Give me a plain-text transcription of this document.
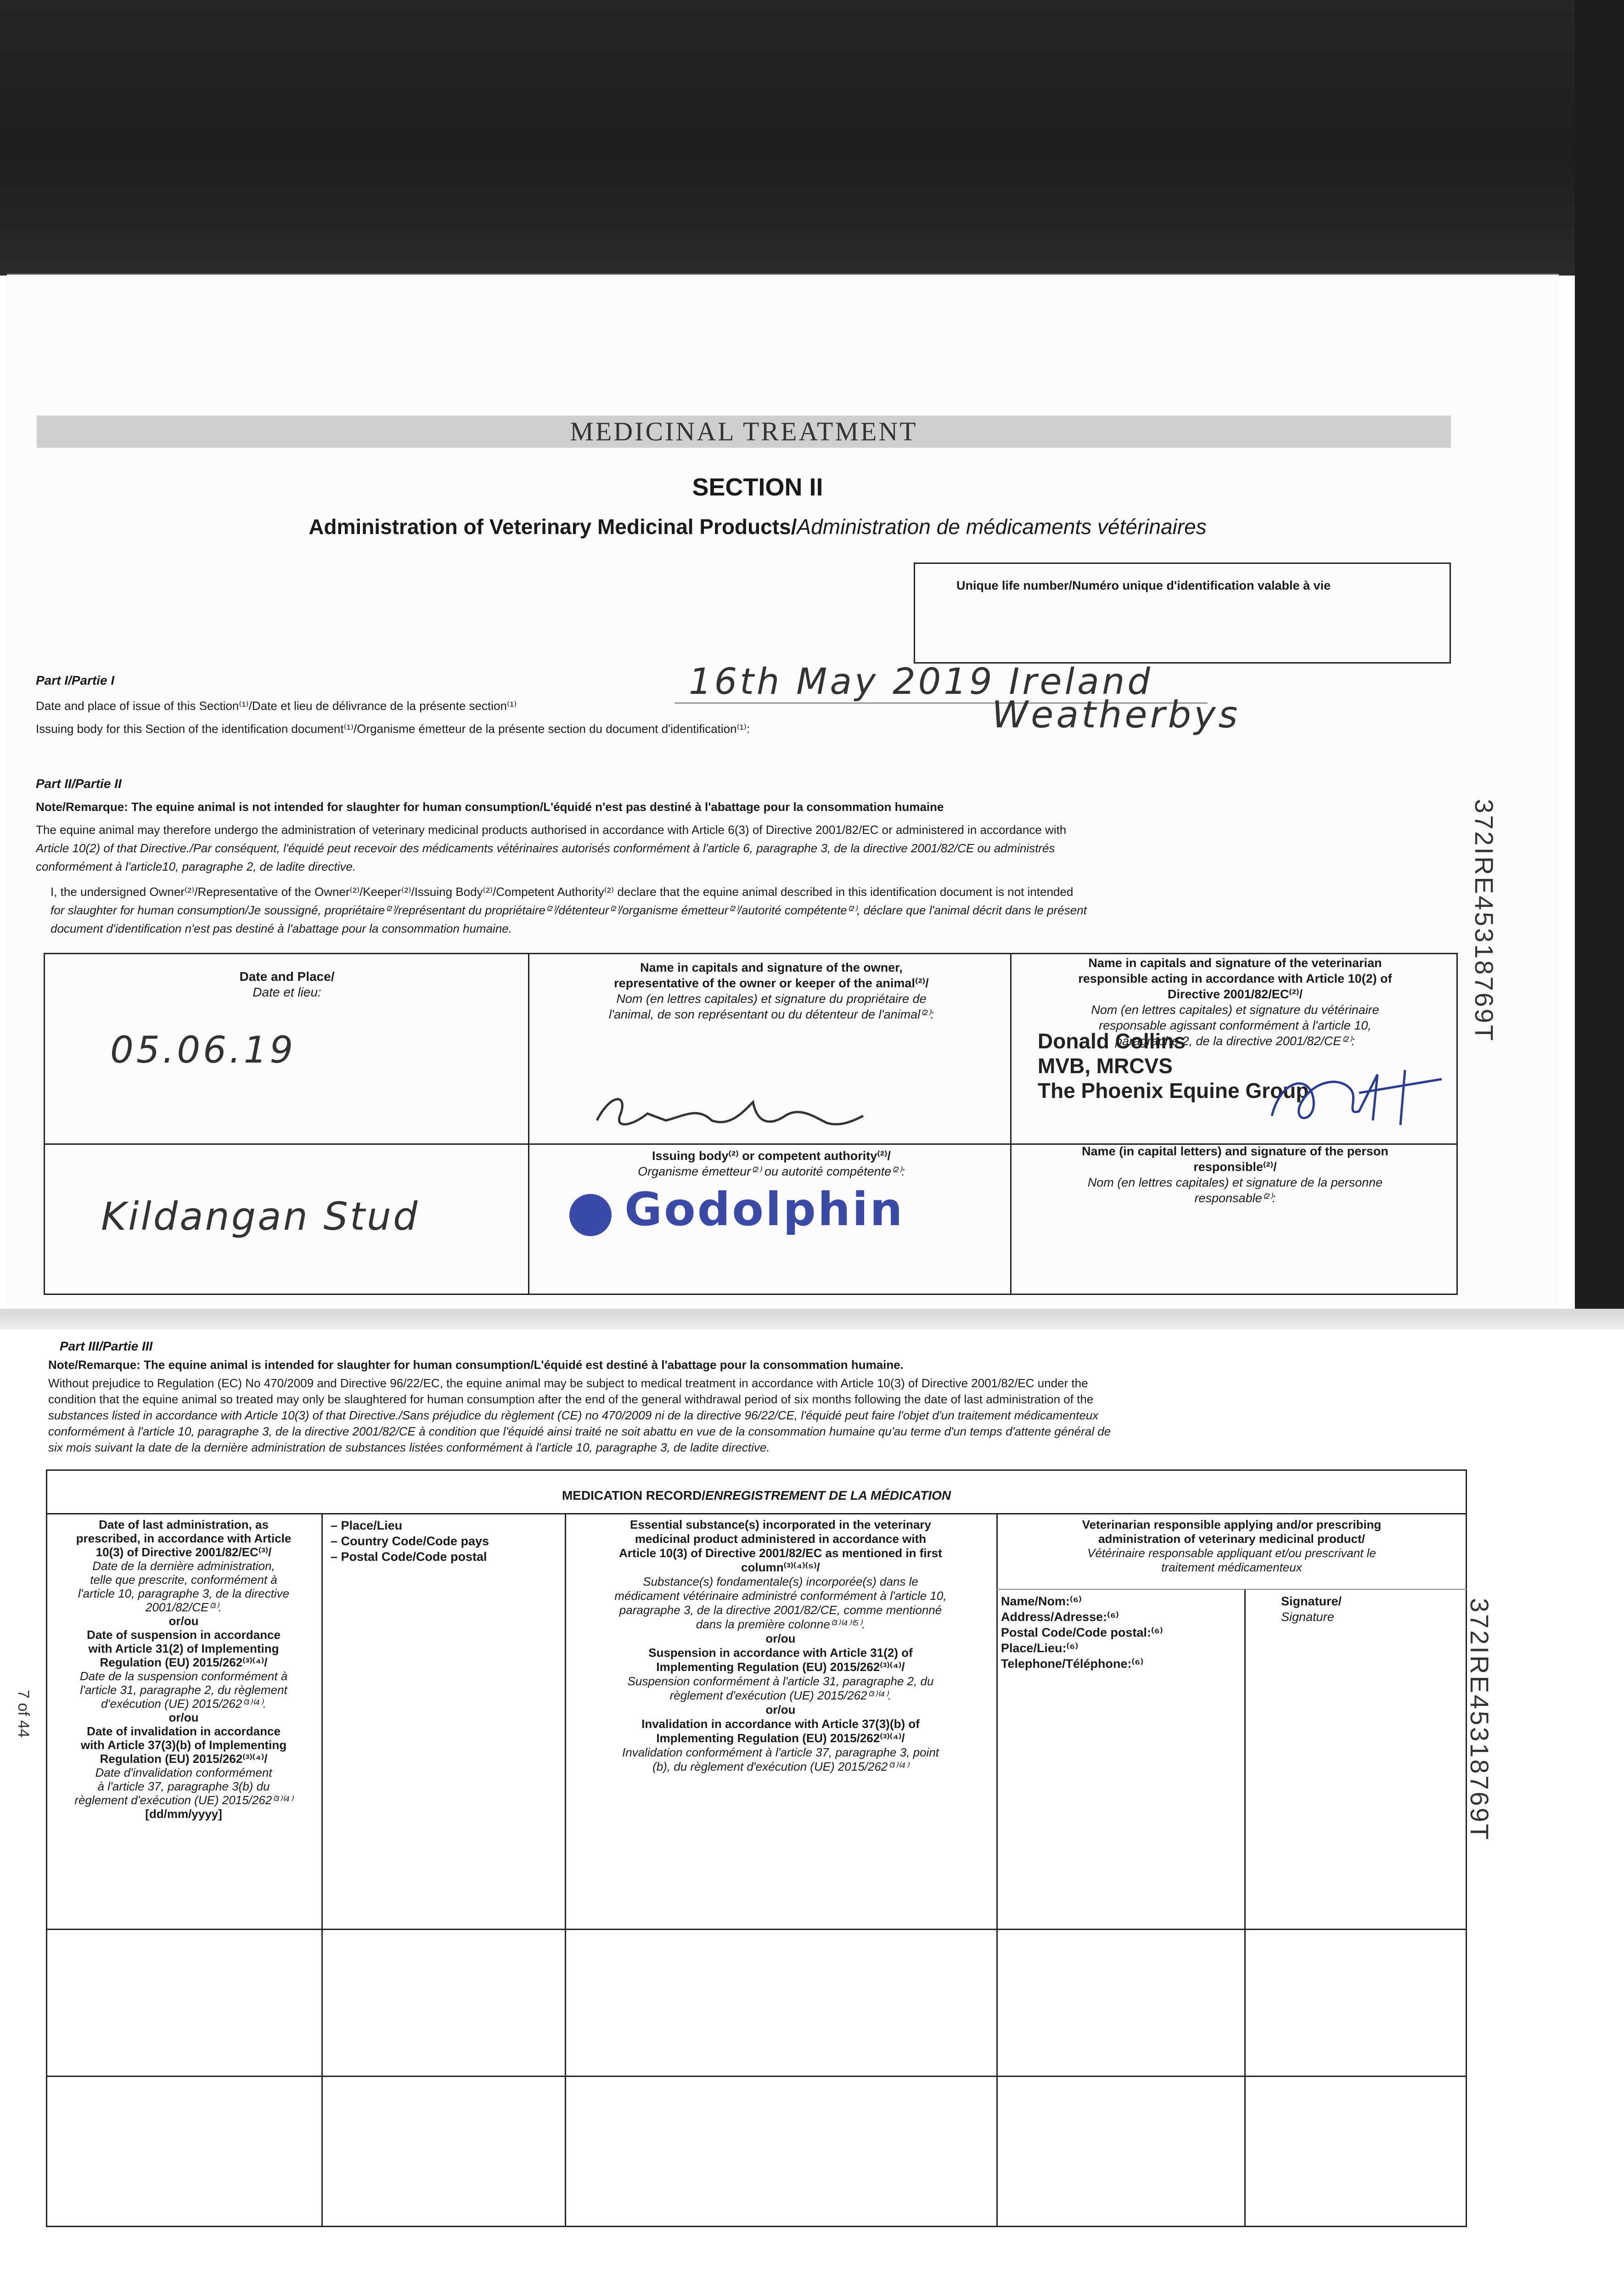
MEDICINAL TREATMENT
SECTION II
Administration of Veterinary Medicinal Products/Administration de médicaments vétérinaires
Unique life number/Numéro unique d'identification valable à vie
Part I/Partie I
Date and place of issue of this Section⁽¹⁾/Date et lieu de délivrance de la présente section⁽¹⁾
16th May 2019 Ireland
Issuing body for this Section of the identification document⁽¹⁾/Organisme émetteur de la présente section du document d'identification⁽¹⁾:	Weatherbys
Part II/Partie II
Note/Remarque: The equine animal is not intended for slaughter for human consumption/L'équidé n'est pas destiné à l'abattage pour la consommation humaine
The equine animal may therefore undergo the administration of veterinary medicinal products authorised in accordance with Article 6(3) of Directive 2001/82/EC or administered in accordance with
Article 10(2) of that Directive./Par conséquent, l'équidé peut recevoir des médicaments vétérinaires autorisés conformément à l'article 6, paragraphe 3, de la directive 2001/82/CE ou administrés
conformément à l'article10, paragraphe 2, de ladite directive.
I, the undersigned Owner⁽²⁾/Representative of the Owner⁽²⁾/Keeper⁽²⁾/Issuing Body⁽²⁾/Competent Authority⁽²⁾ declare that the equine animal described in this identification document is not intended
for slaughter for human consumption/Je soussigné, propriétaire⁽²⁾/représentant du propriétaire⁽²⁾/détenteur⁽²⁾/organisme émetteur⁽²⁾/autorité compétente⁽²⁾, déclare que l'animal décrit dans le présent
document d'identification n'est pas destiné à l'abattage pour la consommation humaine.
Date and Place/
Date et lieu:
05.06.19
Name in capitals and signature of the owner,
representative of the owner or keeper of the animal⁽²⁾/
Nom (en lettres capitales) et signature du propriétaire de
l'animal, de son représentant ou du détenteur de l'animal⁽²⁾:
Name in capitals and signature of the veterinarian
responsible acting in accordance with Article 10(2) of
Directive 2001/82/EC⁽²⁾/
Nom (en lettres capitales) et signature du vétérinaire
responsable agissant conformément à l'article 10,
paragraphe 2, de la directive 2001/82/CE⁽²⁾:
Donald Collins
MVB, MRCVS
The Phoenix Equine Group
Kildangan Stud
Issuing body⁽²⁾ or competent authority⁽²⁾/
Organisme émetteur⁽²⁾ ou autorité compétente⁽²⁾:
Godolphin
Name (in capital letters) and signature of the person
responsible⁽²⁾/
Nom (en lettres capitales) et signature de la personne
responsable⁽²⁾:
372IRE45318769T
Part III/Partie III
Note/Remarque: The equine animal is intended for slaughter for human consumption/L'équidé est destiné à l'abattage pour la consommation humaine.
Without prejudice to Regulation (EC) No 470/2009 and Directive 96/22/EC, the equine animal may be subject to medical treatment in accordance with Article 10(3) of Directive 2001/82/EC under the
condition that the equine animal so treated may only be slaughtered for human consumption after the end of the general withdrawal period of six months following the date of last administration of the
substances listed in accordance with Article 10(3) of that Directive./Sans préjudice du règlement (CE) no 470/2009 ni de la directive 96/22/CE, l'équidé peut faire l'objet d'un traitement médicamenteux
conformément à l'article 10, paragraphe 3, de la directive 2001/82/CE à condition que l'équidé ainsi traité ne soit abattu en vue de la consommation humaine qu'au terme d'un temps d'attente général de
six mois suivant la date de la dernière administration de substances listées conformément à l'article 10, paragraphe 3, de ladite directive.
MEDICATION RECORD/ENREGISTREMENT DE LA MÉDICATION
Date of last administration, as
prescribed, in accordance with Article
10(3) of Directive 2001/82/EC⁽³⁾/
Date de la dernière administration,
telle que prescrite, conformément à
l'article 10, paragraphe 3, de la directive
2001/82/CE⁽³⁾.
or/ou
Date of suspension in accordance
with Article 31(2) of Implementing
Regulation (EU) 2015/262⁽³⁾⁽⁴⁾/
Date de la suspension conformément à
l'article 31, paragraphe 2, du règlement
d'exécution (UE) 2015/262⁽³⁾⁽⁴⁾.
or/ou
Date of invalidation in accordance
with Article 37(3)(b) of Implementing
Regulation (EU) 2015/262⁽³⁾⁽⁴⁾/
Date d'invalidation conformément
à l'article 37, paragraphe 3(b) du
règlement d'exécution (UE) 2015/262⁽³⁾⁽⁴⁾
[dd/mm/yyyy]
– Place/Lieu
– Country Code/Code pays
– Postal Code/Code postal
Essential substance(s) incorporated in the veterinary
medicinal product administered in accordance with
Article 10(3) of Directive 2001/82/EC as mentioned in first
column⁽³⁾⁽⁴⁾⁽⁵⁾/
Substance(s) fondamentale(s) incorporée(s) dans le
médicament vétérinaire administré conformément à l'article 10,
paragraphe 3, de la directive 2001/82/CE, comme mentionné
dans la première colonne⁽³⁾⁽⁴⁾⁽⁵⁾.
or/ou
Suspension in accordance with Article 31(2) of
Implementing Regulation (EU) 2015/262⁽³⁾⁽⁴⁾/
Suspension conformément à l'article 31, paragraphe 2, du
règlement d'exécution (UE) 2015/262⁽³⁾⁽⁴⁾.
or/ou
Invalidation in accordance with Article 37(3)(b) of
Implementing Regulation (EU) 2015/262⁽³⁾⁽⁴⁾/
Invalidation conformément à l'article 37, paragraphe 3, point
(b), du règlement d'exécution (UE) 2015/262⁽³⁾⁽⁴⁾
Veterinarian responsible applying and/or prescribing
administration of veterinary medicinal product/
Vétérinaire responsable appliquant et/ou prescrivant le
traitement médicamenteux
Name/Nom:⁽⁶⁾
Address/Adresse:⁽⁶⁾
Postal Code/Code postal:⁽⁶⁾
Place/Lieu:⁽⁶⁾
Telephone/Téléphone:⁽⁶⁾
Signature/
Signature	372IRE45318769T
7 of 44
